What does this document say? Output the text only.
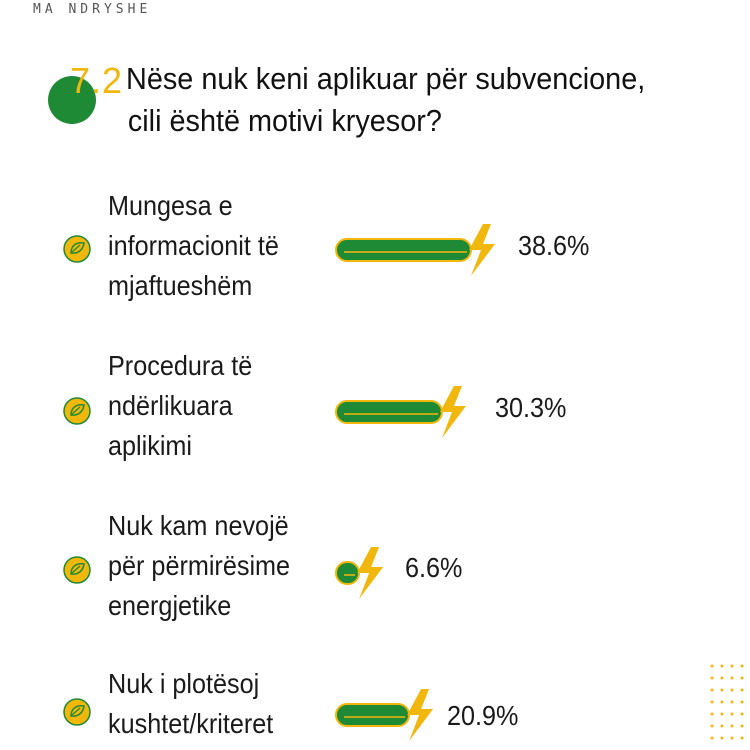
MA NDRYSHE
7.2 Nëse nuk keni aplikuar për subvencione,
cili është motivi kryesor?
Mungesa e
informacionit të
mjaftueshëm
38.6%
Procedura të
ndërlikuara
aplikimi
30.3%
Nuk kam nevojë
për përmirësime
energjetike
6.6%
Nuk i plotësoj
kushtet/kriteret	20.9%
